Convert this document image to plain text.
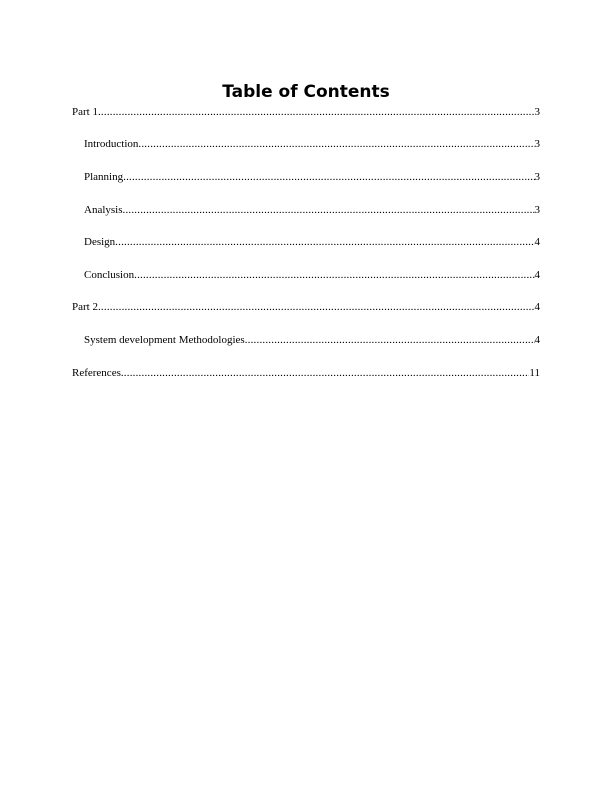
Table of Contents
Part 1 .....	3
Introduction .....	3
Planning .....	3
Analysis .....	3
Design .....	4
Conclusion .....	4
Part 2 .....	4
System development Methodologies .....	4
References .....	11
